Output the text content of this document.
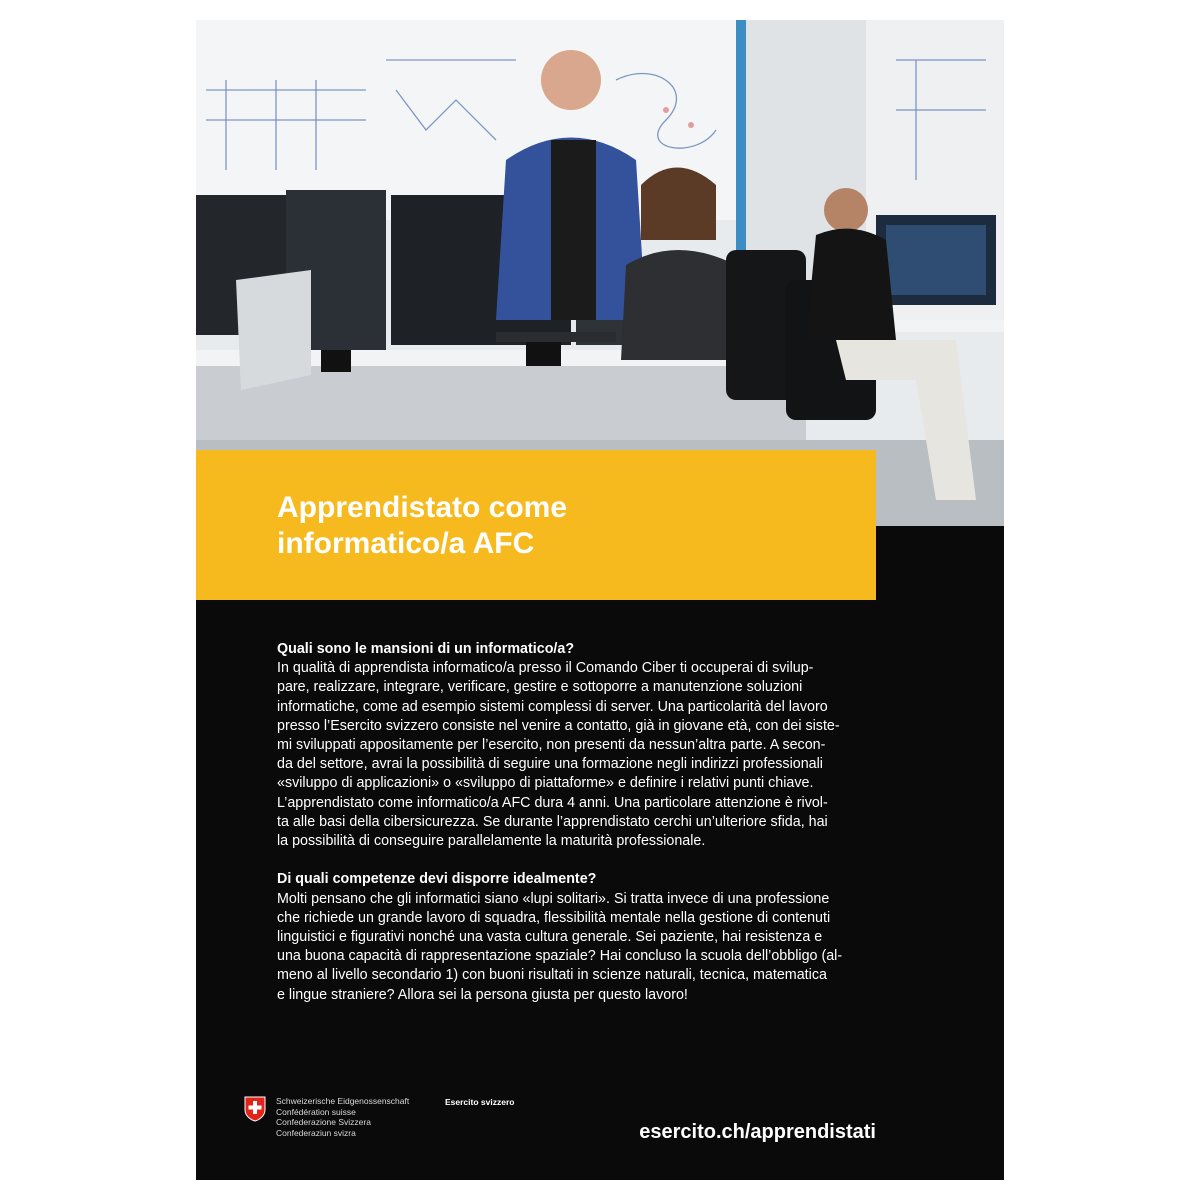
Apprendistato come
informatico/a AFC
Quali sono le mansioni di un informatico/a?

In qualità di apprendista informatico/a presso il Comando Ciber ti occuperai di svilup-
pare, realizzare, integrare, verificare, gestire e sottoporre a manutenzione soluzioni
informatiche, come ad esempio sistemi complessi di server. Una particolarità del lavoro
presso l’Esercito svizzero consiste nel venire a contatto, già in giovane età, con dei siste-
mi sviluppati appositamente per l’esercito, non presenti da nessun’altra parte. A secon-
da del settore, avrai la possibilità di seguire una formazione negli indirizzi professionali
«sviluppo di applicazioni» o «sviluppo di piattaforme» e definire i relativi punti chiave.
L’apprendistato come informatico/a AFC dura 4 anni. Una particolare attenzione è rivol-
ta alle basi della cibersicurezza. Se durante l’apprendistato cerchi un’ulteriore sfida, hai
la possibilità di conseguire parallelamente la maturità professionale.

Di quali competenze devi disporre idealmente?

Molti pensano che gli informatici siano «lupi solitari». Si tratta invece di una professione
che richiede un grande lavoro di squadra, flessibilità mentale nella gestione di contenuti
linguistici e figurativi nonché una vasta cultura generale. Sei paziente, hai resistenza e
una buona capacità di rappresentazione spaziale? Hai concluso la scuola dell’obbligo (al-
meno al livello secondario 1) con buoni risultati in scienze naturali, tecnica, matematica
e lingue straniere? Allora sei la persona giusta per questo lavoro!

Schweizerische Eidgenossenschaft
Confédération suisse
Confederazione Svizzera
Confederaziun svizra
Esercito svizzero
esercito.ch/apprendistati
